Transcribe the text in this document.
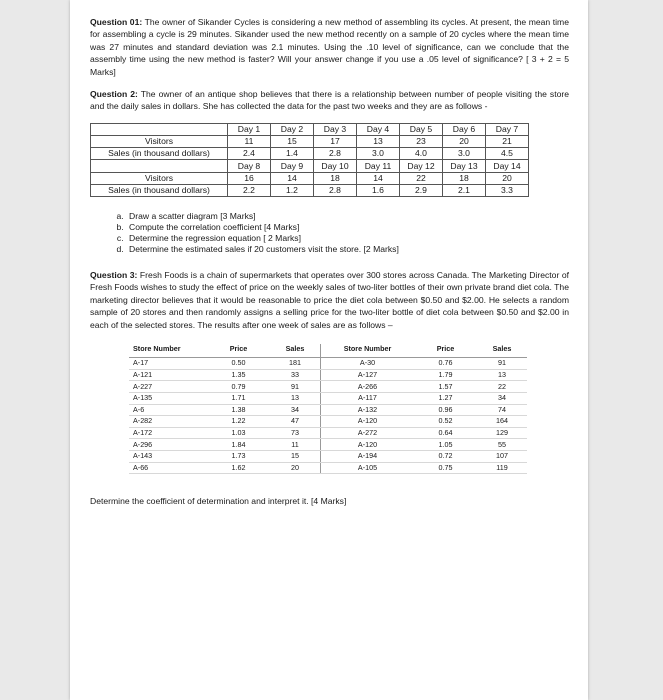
Question 01: The owner of Sikander Cycles is considering a new method of assembling its cycles. At present, the mean time for assembling a cycle is 29 minutes. Sikander used the new method recently on a sample of 20 cycles where the mean time was 27 minutes and standard deviation was 2.1 minutes. Using the .10 level of significance, can we conclude that the assembly time using the new method is faster? Will your answer change if you use a .05 level of significance? [ 3 + 2 = 5 Marks]

Question 2: The owner of an antique shop believes that there is a relationship between number of people visiting the store and the daily sales in dollars. She has collected the data for the past two weeks and they are as follows -

	Day 1	Day 2	Day 3	Day 4	Day 5	Day 6	Day 7
Visitors	11	15	17	13	23	20	21
Sales (in thousand dollars)	2.4	1.4	2.8	3.0	4.0	3.0	4.5
	Day 8	Day 9	Day 10	Day 11	Day 12	Day 13	Day 14
Visitors	16	14	18	14	22	18	20
Sales (in thousand dollars)	2.2	1.2	2.8	1.6	2.9	2.1	3.3
a. Draw a scatter diagram [3 Marks]
b. Compute the correlation coefficient [4 Marks]
c. Determine the regression equation [ 2 Marks]
d. Determine the estimated sales if 20 customers visit the store. [2 Marks]

Question 3: Fresh Foods is a chain of supermarkets that operates over 300 stores across Canada. The Marketing Director of Fresh Foods wishes to study the effect of price on the weekly sales of two-liter bottles of their own private brand diet cola. The marketing director believes that it would be reasonable to price the diet cola between $0.50 and $2.00. He selects a random sample of 20 stores and then randomly assigns a selling price for the two-liter bottle of diet cola between $0.50 and $2.00 in each of the selected stores. The results after one week of sales are as follows –

Store Number	Price	Sales	Store Number	Price	Sales
A-17	0.50	181	A-30	0.76	91
A-121	1.35	33	A-127	1.79	13
A-227	0.79	91	A-266	1.57	22
A-135	1.71	13	A-117	1.27	34
A-6	1.38	34	A-132	0.96	74
A-282	1.22	47	A-120	0.52	164
A-172	1.03	73	A-272	0.64	129
A-296	1.84	11	A-120	1.05	55
A-143	1.73	15	A-194	0.72	107
A-66	1.62	20	A-105	0.75	119

Determine the coefficient of determination and interpret it. [4 Marks]
